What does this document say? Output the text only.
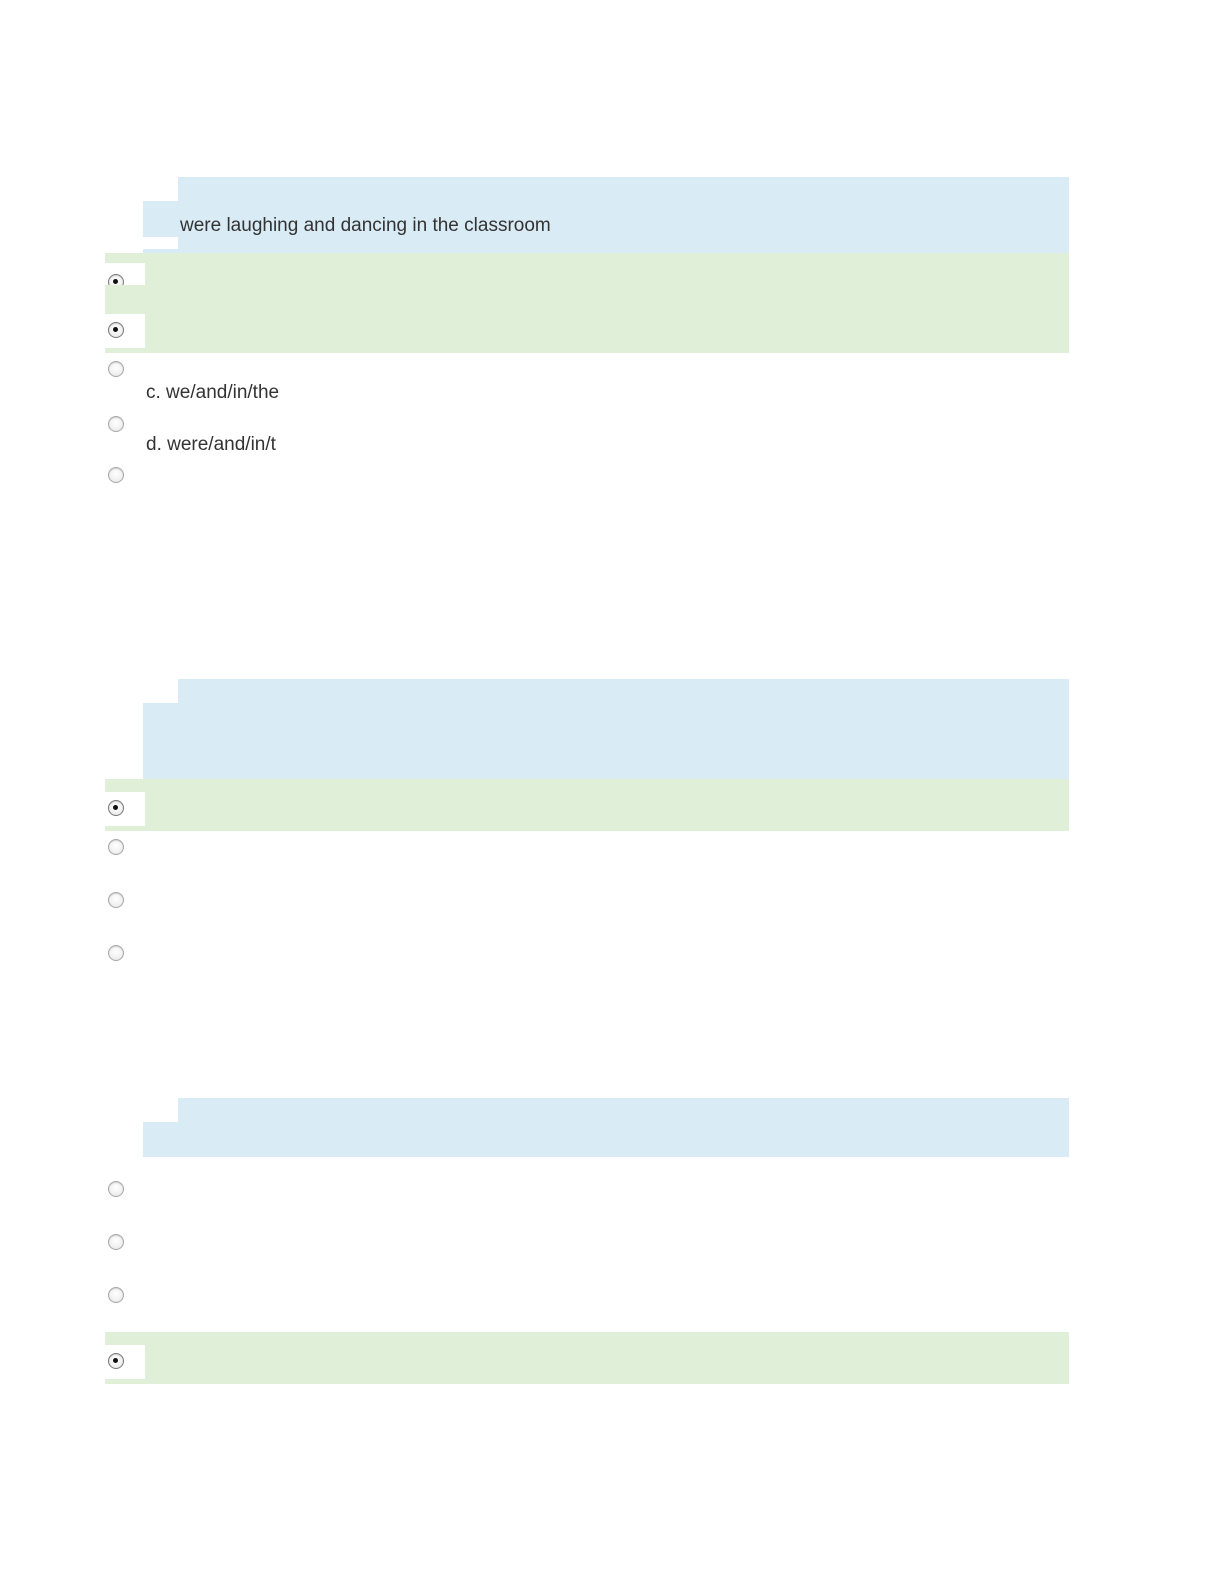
were laughing and dancing in the classroom
c. we/and/in/the
d. were/and/in/t
